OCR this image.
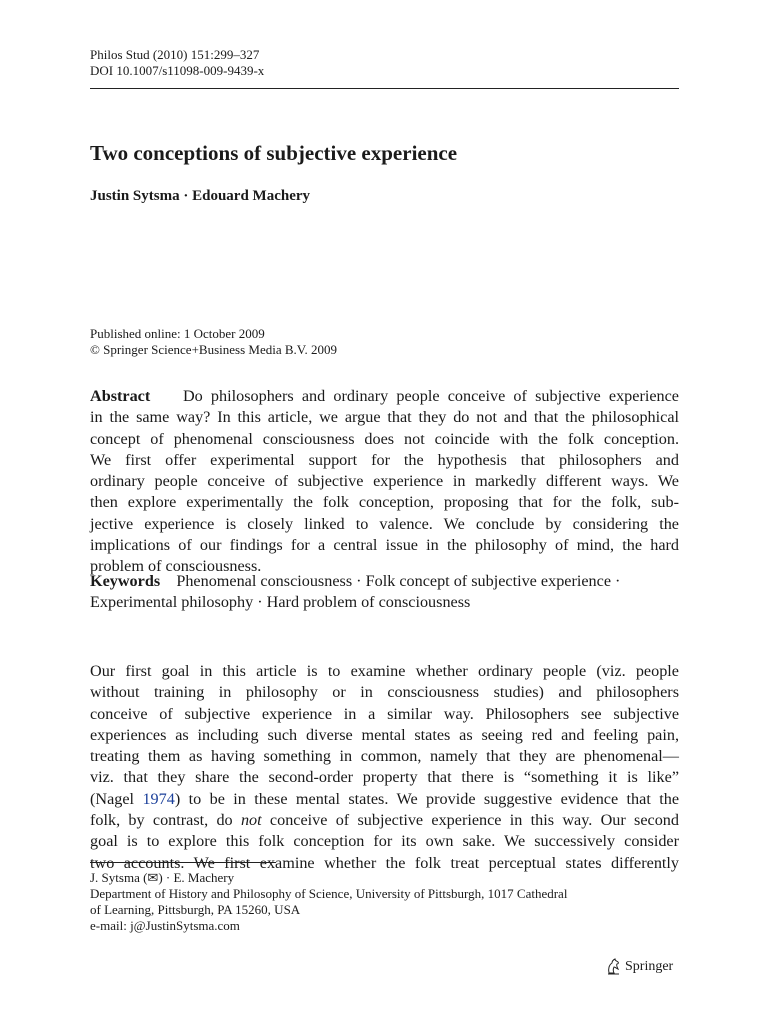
Philos Stud (2010) 151:299–327
DOI 10.1007/s11098-009-9439-x
Two conceptions of subjective experience
Justin Sytsma · Edouard Machery
Published online: 1 October 2009
© Springer Science+Business Media B.V. 2009
Abstract Do philosophers and ordinary people conceive of subjective experience
in the same way? In this article, we argue that they do not and that the philosophical
concept of phenomenal consciousness does not coincide with the folk conception.
We first offer experimental support for the hypothesis that philosophers and
ordinary people conceive of subjective experience in markedly different ways. We
then explore experimentally the folk conception, proposing that for the folk, sub-
jective experience is closely linked to valence. We conclude by considering the
implications of our findings for a central issue in the philosophy of mind, the hard
problem of consciousness.
Keywords Phenomenal consciousness · Folk concept of subjective experience ·
Experimental philosophy · Hard problem of consciousness
Our first goal in this article is to examine whether ordinary people (viz. people
without training in philosophy or in consciousness studies) and philosophers
conceive of subjective experience in a similar way. Philosophers see subjective
experiences as including such diverse mental states as seeing red and feeling pain,
treating them as having something in common, namely that they are phenomenal—
viz. that they share the second-order property that there is “something it is like”
(Nagel 1974) to be in these mental states. We provide suggestive evidence that the
folk, by contrast, do not conceive of subjective experience in this way. Our second
goal is to explore this folk conception for its own sake. We successively consider
two accounts. We first examine whether the folk treat perceptual states differently
J. Sytsma (✉) · E. Machery
Department of History and Philosophy of Science, University of Pittsburgh, 1017 Cathedral
of Learning, Pittsburgh, PA 15260, USA
e-mail: j@JustinSytsma.com
Springer
